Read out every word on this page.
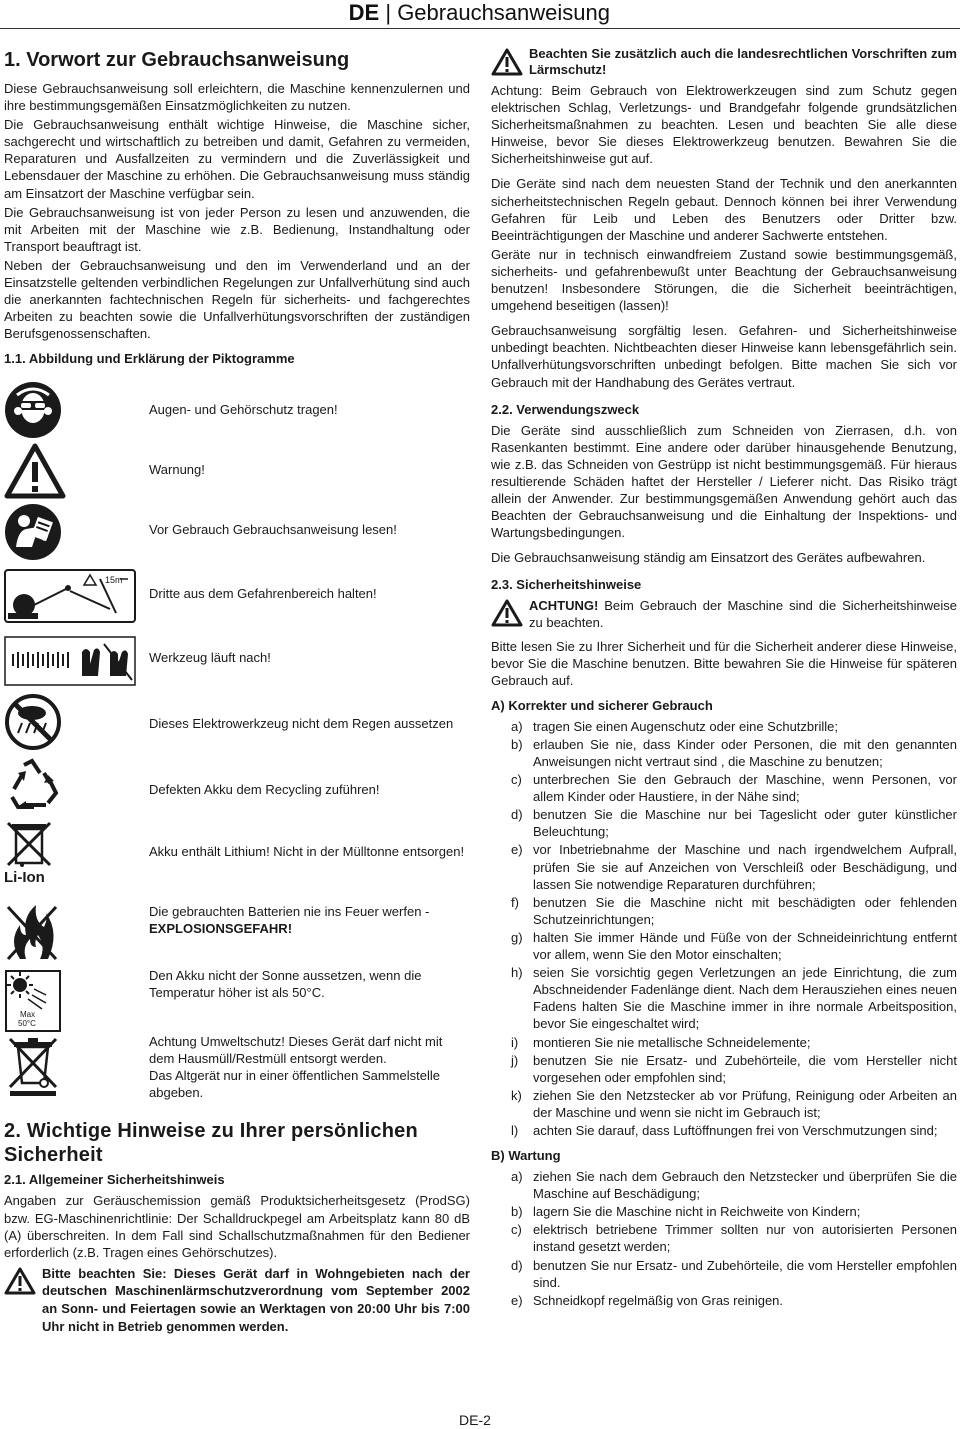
DE | Gebrauchsanweisung
1. Vorwort zur Gebrauchsanweisung

Diese Gebrauchsanweisung soll erleichtern, die Maschine kennenzulernen und ihre bestimmungsgemäßen Einsatzmöglichkeiten zu nutzen.

Die Gebrauchsanweisung enthält wichtige Hinweise, die Maschine sicher, sachgerecht und wirtschaftlich zu betreiben und damit, Gefahren zu vermeiden, Reparaturen und Ausfallzeiten zu vermindern und die Zuverlässigkeit und Lebensdauer der Maschine zu erhöhen. Die Gebrauchsanweisung muss ständig am Einsatzort der Maschine verfügbar sein.

Die Gebrauchsanweisung ist von jeder Person zu lesen und anzuwenden, die mit Arbeiten mit der Maschine wie z.B. Bedienung, Instandhaltung oder Transport beauftragt ist.

Neben der Gebrauchsanweisung und den im Verwenderland und an der Einsatzstelle geltenden verbindlichen Regelungen zur Unfallverhütung sind auch die anerkannten fachtechnischen Regeln für sicherheits- und fachgerechtes Arbeiten zu beachten sowie die Unfallverhütungsvorschriften der zuständigen Berufsgenossenschaften.

1.1. Abbildung und Erklärung der Piktogramme
Augen- und Gehörschutz tragen!
Warnung!
Vor Gebrauch Gebrauchsanweisung lesen!
15m
Dritte aus dem Gefahrenbereich halten!
Werkzeug läuft nach!
Dieses Elektrowerkzeug nicht dem Regen aussetzen
Defekten Akku dem Recycling zuführen!
Li-Ion
Akku enthält Lithium! Nicht in der Mülltonne entsorgen!
Die gebrauchten Batterien nie ins Feuer werfen -
EXPLOSIONSGEFAHR!
Max
50°C
Den Akku nicht der Sonne aussetzen, wenn die Temperatur höher ist als 50°C.
Achtung Umweltschutz! Dieses Gerät darf nicht mit dem Hausmüll/Restmüll entsorgt werden.
Das Altgerät nur in einer öffentlichen Sammelstelle abgeben.
2. Wichtige Hinweise zu Ihrer persönlichen Sicherheit
2.1. Allgemeiner Sicherheitshinweis

Angaben zur Geräuschemission gemäß Produktsicherheitsgesetz (ProdSG) bzw. EG-Maschinenrichtlinie: Der Schalldruckpegel am Arbeitsplatz kann 80 dB (A) überschreiten. In dem Fall sind Schallschutzmaßnahmen für den Bediener erforderlich (z.B. Tragen eines Gehörschutzes).

Bitte beachten Sie: Dieses Gerät darf in Wohngebieten nach der deutschen Maschinenlärmschutzverordnung vom September 2002 an Sonn- und Feiertagen sowie an Werktagen von 20:00 Uhr bis 7:00 Uhr nicht in Betrieb genommen werden.
Beachten Sie zusätzlich auch die landesrechtlichen Vorschriften zum Lärmschutz!

Achtung: Beim Gebrauch von Elektrowerkzeugen sind zum Schutz gegen elektrischen Schlag, Verletzungs- und Brandgefahr folgende grundsätzlichen Sicherheitsmaßnahmen zu beachten. Lesen und beachten Sie alle diese Hinweise, bevor Sie dieses Elektrowerkzeug benutzen. Bewahren Sie die Sicherheitshinweise gut auf.

Die Geräte sind nach dem neuesten Stand der Technik und den anerkannten sicherheitstechnischen Regeln gebaut. Dennoch können bei ihrer Verwendung Gefahren für Leib und Leben des Benutzers oder Dritter bzw. Beeinträchtigungen der Maschine und anderer Sachwerte entstehen.

Geräte nur in technisch einwandfreiem Zustand sowie bestimmungsgemäß, sicherheits- und gefahrenbewußt unter Beachtung der Gebrauchsanweisung benutzen! Insbesondere Störungen, die die Sicherheit beeinträchtigen, umgehend beseitigen (lassen)!

Gebrauchsanweisung sorgfältig lesen. Gefahren- und Sicherheitshinweise unbedingt beachten. Nichtbeachten dieser Hinweise kann lebensgefährlich sein. Unfallverhütungsvorschriften unbedingt befolgen. Bitte machen Sie sich vor Gebrauch mit der Handhabung des Gerätes vertraut.

2.2. Verwendungszweck

Die Geräte sind ausschließlich zum Schneiden von Zierrasen, d.h. von Rasenkanten bestimmt. Eine andere oder darüber hinausgehende Benutzung, wie z.B. das Schneiden von Gestrüpp ist nicht bestimmungsgemäß. Für hieraus resultierende Schäden haftet der Hersteller / Lieferer nicht. Das Risiko trägt allein der Anwender. Zur bestimmungsgemäßen Anwendung gehört auch das Beachten der Gebrauchsanweisung und die Einhaltung der Inspektions- und Wartungsbedingungen.

Die Gebrauchsanweisung ständig am Einsatzort des Gerätes aufbewahren.

2.3. Sicherheitshinweise

ACHTUNG! Beim Gebrauch der Maschine sind die Sicherheitshinweise zu beachten.

Bitte lesen Sie zu Ihrer Sicherheit und für die Sicherheit anderer diese Hinweise, bevor Sie die Maschine benutzen. Bitte bewahren Sie die Hinweise für späteren Gebrauch auf.

A) Korrekter und sicherer Gebrauch
a) tragen Sie einen Augenschutz oder eine Schutzbrille;
b) erlauben Sie nie, dass Kinder oder Personen, die mit den genannten Anweisungen nicht vertraut sind , die Maschine zu benutzen;
c) unterbrechen Sie den Gebrauch der Maschine, wenn Personen, vor allem Kinder oder Haustiere, in der Nähe sind;
d) benutzen Sie die Maschine nur bei Tageslicht oder guter künstlicher Beleuchtung;
e) vor Inbetriebnahme der Maschine und nach irgendwelchem Aufprall, prüfen Sie sie auf Anzeichen von Verschleiß oder Beschädigung, und lassen Sie notwendige Reparaturen durchführen;
f) benutzen Sie die Maschine nicht mit beschädigten oder fehlenden Schutzeinrichtungen;
g) halten Sie immer Hände und Füße von der Schneideinrichtung entfernt vor allem, wenn Sie den Motor einschalten;
h) seien Sie vorsichtig gegen Verletzungen an jede Einrichtung, die zum Abschneidender Fadenlänge dient. Nach dem Herausziehen eines neuen Fadens halten Sie die Maschine immer in ihre normale Arbeitsposition, bevor Sie eingeschaltet wird;
i) montieren Sie nie metallische Schneidelemente;
j) benutzen Sie nie Ersatz- und Zubehörteile, die vom Hersteller nicht vorgesehen oder empfohlen sind;
k) ziehen Sie den Netzstecker ab vor Prüfung, Reinigung oder Arbeiten an der Maschine und wenn sie nicht im Gebrauch ist;
l) achten Sie darauf, dass Luftöffnungen frei von Verschmutzungen sind;
B) Wartung
a) ziehen Sie nach dem Gebrauch den Netzstecker und überprüfen Sie die Maschine auf Beschädigung;
b) lagern Sie die Maschine nicht in Reichweite von Kindern;
c) elektrisch betriebene Trimmer sollten nur von autorisierten Personen instand gesetzt werden;
d) benutzen Sie nur Ersatz- und Zubehörteile, die vom Hersteller empfohlen sind.
e) Schneidkopf regelmäßig von Gras reinigen.
DE-2
